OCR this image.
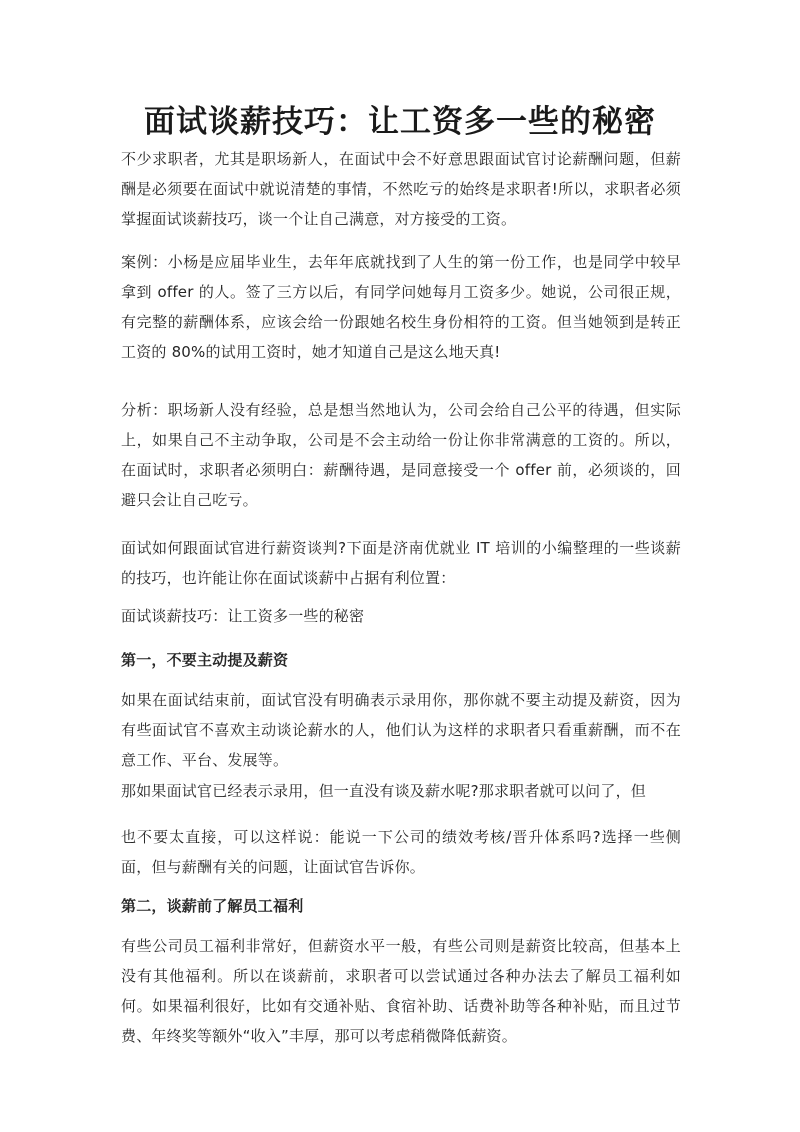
面试谈薪技巧：让工资多一些的秘密

不少求职者，尤其是职场新人，在面试中会不好意思跟面试官讨论薪酬问题，但薪酬是必须要在面试中就说清楚的事情，不然吃亏的始终是求职者!所以，求职者必须掌握面试谈薪技巧，谈一个让自己满意，对方接受的工资。

案例：小杨是应届毕业生，去年年底就找到了人生的第一份工作，也是同学中较早拿到 offer 的人。签了三方以后，有同学问她每月工资多少。她说，公司很正规，有完整的薪酬体系，应该会给一份跟她名校生身份相符的工资。但当她领到是转正工资的 80%的试用工资时，她才知道自己是这么地天真!

分析：职场新人没有经验，总是想当然地认为，公司会给自己公平的待遇，但实际上，如果自己不主动争取，公司是不会主动给一份让你非常满意的工资的。所以，在面试时，求职者必须明白：薪酬待遇，是同意接受一个 offer 前，必须谈的，回避只会让自己吃亏。

面试如何跟面试官进行薪资谈判?下面是济南优就业 IT 培训的小编整理的一些谈薪的技巧，也许能让你在面试谈薪中占据有利位置：

面试谈薪技巧：让工资多一些的秘密

第一，不要主动提及薪资

如果在面试结束前，面试官没有明确表示录用你，那你就不要主动提及薪资，因为有些面试官不喜欢主动谈论薪水的人，他们认为这样的求职者只看重薪酬，而不在意工作、平台、发展等。

那如果面试官已经表示录用，但一直没有谈及薪水呢?那求职者就可以问了，但

也不要太直接，可以这样说：能说一下公司的绩效考核/晋升体系吗?选择一些侧面，但与薪酬有关的问题，让面试官告诉你。

第二，谈薪前了解员工福利

有些公司员工福利非常好，但薪资水平一般，有些公司则是薪资比较高，但基本上没有其他福利。所以在谈薪前，求职者可以尝试通过各种办法去了解员工福利如何。如果福利很好，比如有交通补贴、食宿补助、话费补助等各种补贴，而且过节费、年终奖等额外“收入”丰厚，那可以考虑稍微降低薪资。
